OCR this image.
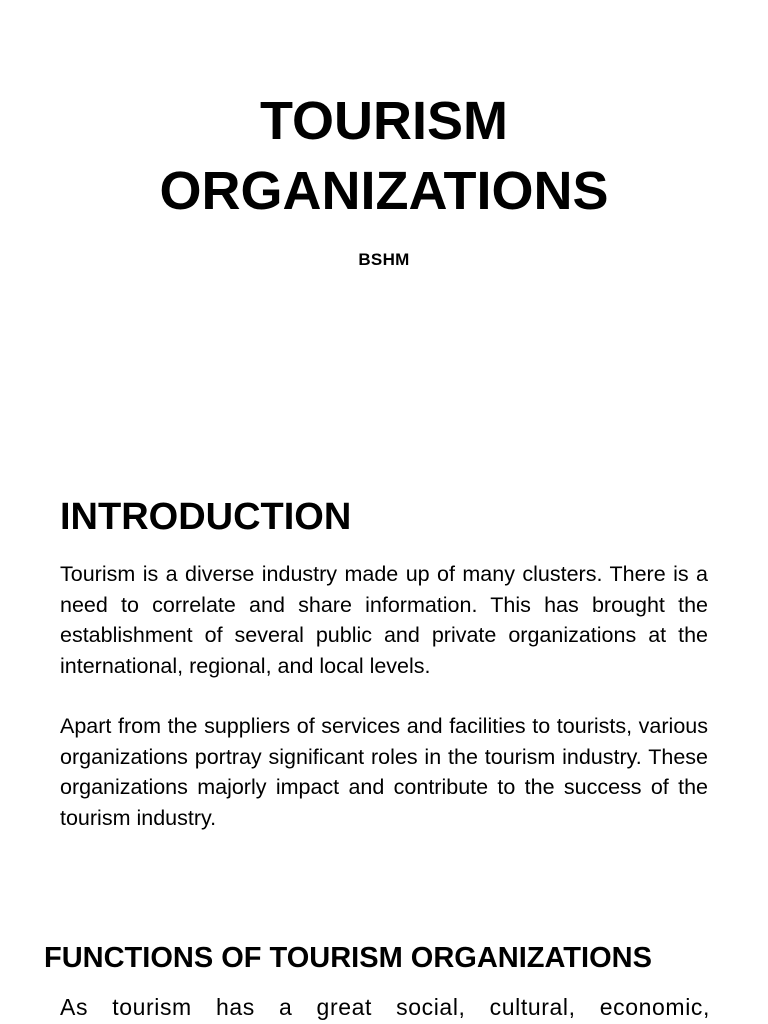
TOURISM
ORGANIZATIONS
BSHM
INTRODUCTION

Tourism is a diverse industry made up of many clusters. There is a need to correlate and share information. This has brought the establishment of several public and private organizations at the international, regional, and local levels.

Apart from the suppliers of services and facilities to tourists, various organizations portray significant roles in the tourism industry. These organizations majorly impact and contribute to the success of the tourism industry.

FUNCTIONS OF TOURISM ORGANIZATIONS

As tourism has a great social, cultural, economic,
